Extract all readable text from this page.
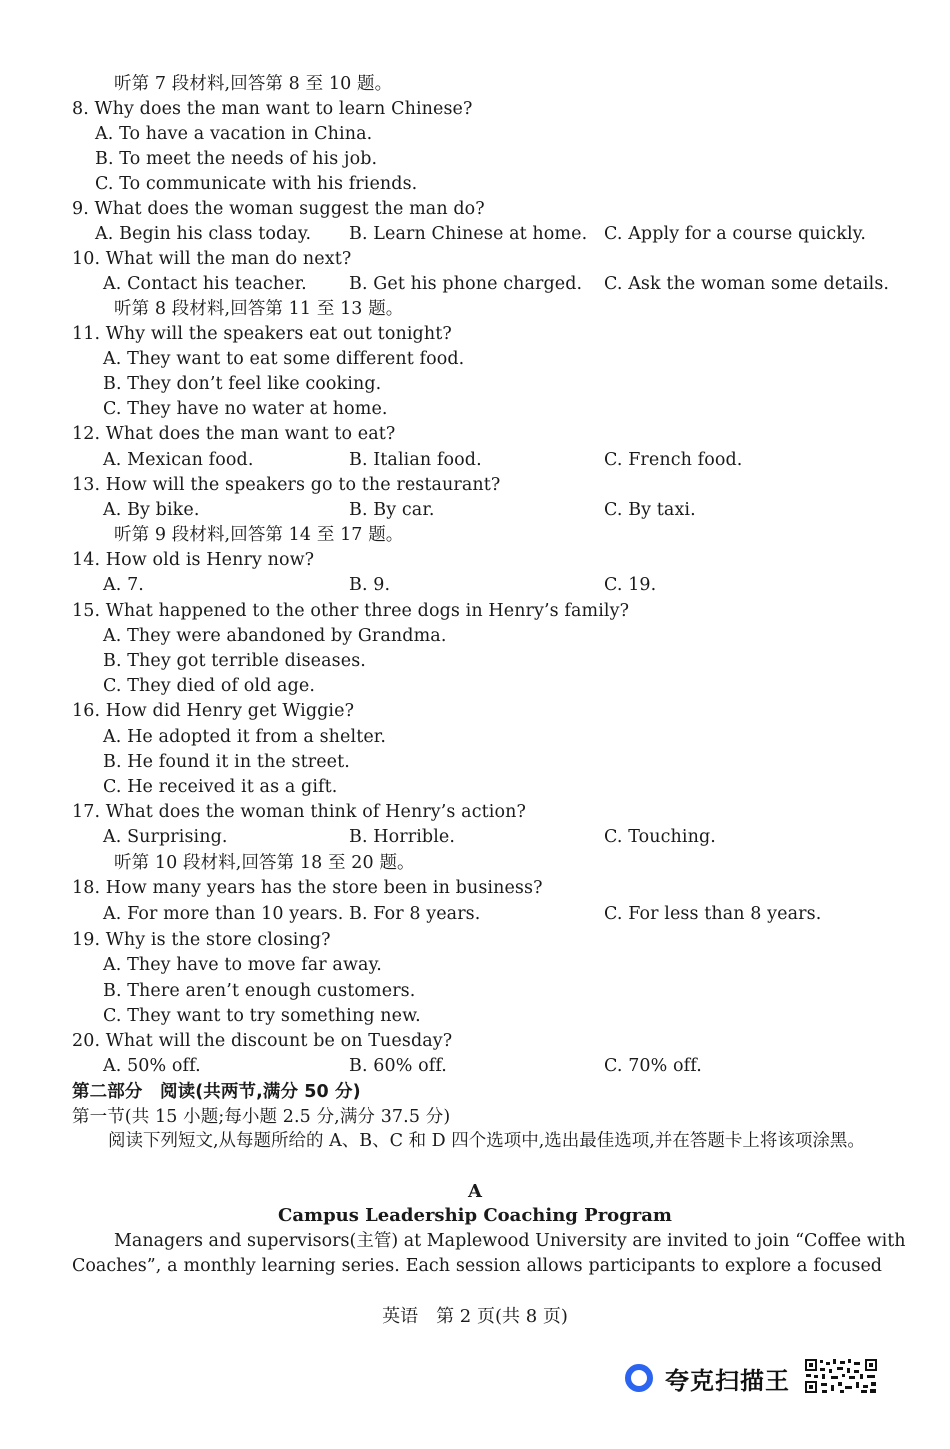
听第 7 段材料,回答第 8 至 10 题。
8. Why does the man want to learn Chinese?
A. To have a vacation in China.
B. To meet the needs of his job.
C. To communicate with his friends.
9. What does the woman suggest the man do?
A. Begin his class today. B. Learn Chinese at home. C. Apply for a course quickly.
10. What will the man do next?
A. Contact his teacher. B. Get his phone charged. C. Ask the woman some details.
听第 8 段材料,回答第 11 至 13 题。
11. Why will the speakers eat out tonight?
A. They want to eat some different food.
B. They don’t feel like cooking.
C. They have no water at home.
12. What does the man want to eat?
A. Mexican food.	B. Italian food.	C. French food.
13. How will the speakers go to the restaurant?
A. By bike.	B. By car.	C. By taxi.
听第 9 段材料,回答第 14 至 17 题。
14. How old is Henry now?
A. 7.	B. 9.	C. 19.
15. What happened to the other three dogs in Henry’s family?
A. They were abandoned by Grandma.
B. They got terrible diseases.
C. They died of old age.
16. How did Henry get Wiggie?
A. He adopted it from a shelter.
B. He found it in the street.
C. He received it as a gift.
17. What does the woman think of Henry’s action?
A. Surprising.	B. Horrible.	C. Touching.
听第 10 段材料,回答第 18 至 20 题。
18. How many years has the store been in business?
A. For more than 10 years. B. For 8 years.	C. For less than 8 years.
19. Why is the store closing?
A. They have to move far away.
B. There aren’t enough customers.
C. They want to try something new.
20. What will the discount be on Tuesday?
A. 50% off.	B. 60% off.	C. 70% off.
第二部分　阅读(共两节,满分 50 分)
第一节(共 15 小题;每小题 2.5 分,满分 37.5 分)
阅读下列短文,从每题所给的 A、B、C 和 D 四个选项中,选出最佳选项,并在答题卡上将该项涂黑。
A
Campus Leadership Coaching Program
Managers and supervisors(主管) at Maplewood University are invited to join “Coffee with
Coaches”, a monthly learning series. Each session allows participants to explore a focused
英语　第 2 页(共 8 页)
夸克扫描王
